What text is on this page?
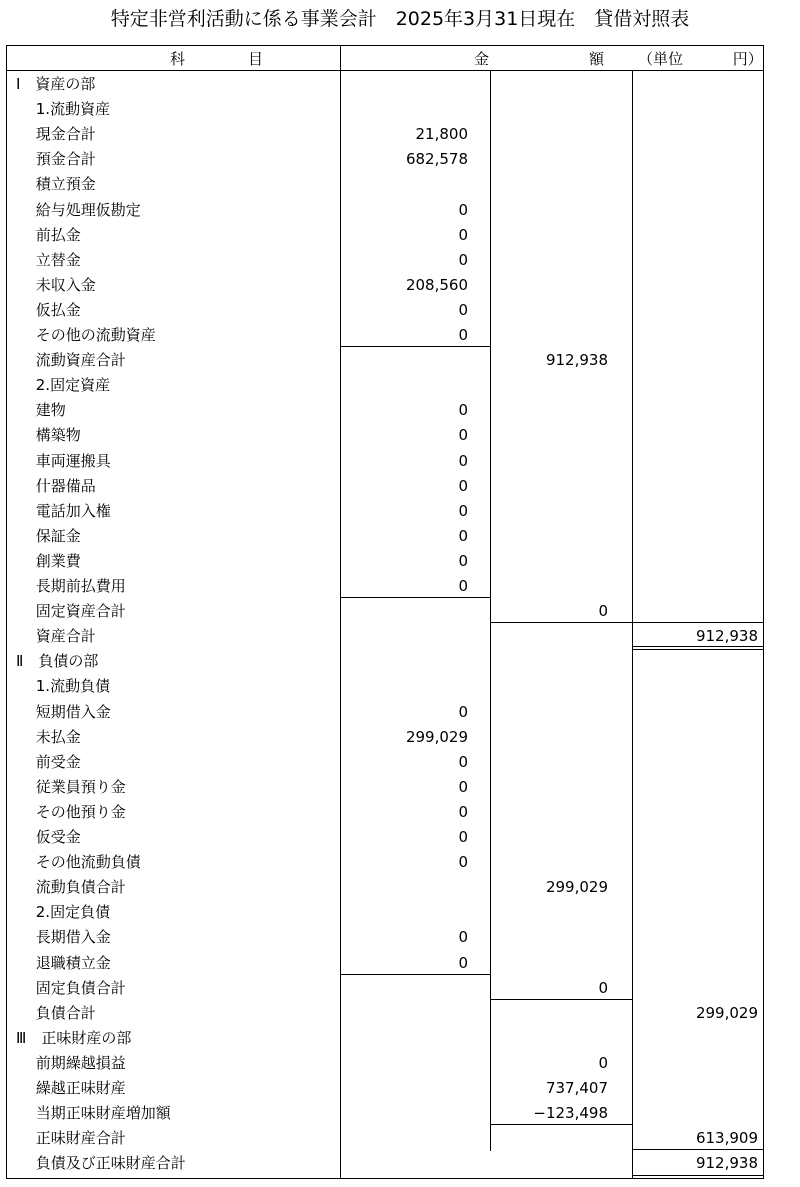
特定非営利活動に係る事業会計　2025年3月31日現在　貸借対照表
科	目	金	額 （単位　　　 円）
Ⅰ　資産の部
　 1.流動資産
　 現金合計	21,800
　 預金合計	682,578
　 積立預金
　 給与処理仮勘定	0
　 前払金	0
　 立替金	0
　 未収入金	208,560
　 仮払金	0
　 その他の流動資産	0
　 流動資産合計	912,938
　 2.固定資産
　 建物	0
　 構築物	0
　 車両運搬具	0
　 什器備品	0
　 電話加入権	0
　 保証金	0
　 創業費	0
　 長期前払費用	0
　 固定資産合計	0
　 資産合計	912,938
Ⅱ　負債の部
　 1.流動負債
　 短期借入金	0
　 未払金	299,029
　 前受金	0
　 従業員預り金	0
　 その他預り金	0
　 仮受金	0
　 その他流動負債	0
　 流動負債合計	299,029
　 2.固定負債
　 長期借入金	0
　 退職積立金	0
　 固定負債合計	0
　 負債合計	299,029
Ⅲ　正味財産の部
　 前期繰越損益	0
　 繰越正味財産	737,407
　 当期正味財産増加額	−123,498
　 正味財産合計	613,909
　 負債及び正味財産合計	912,938
